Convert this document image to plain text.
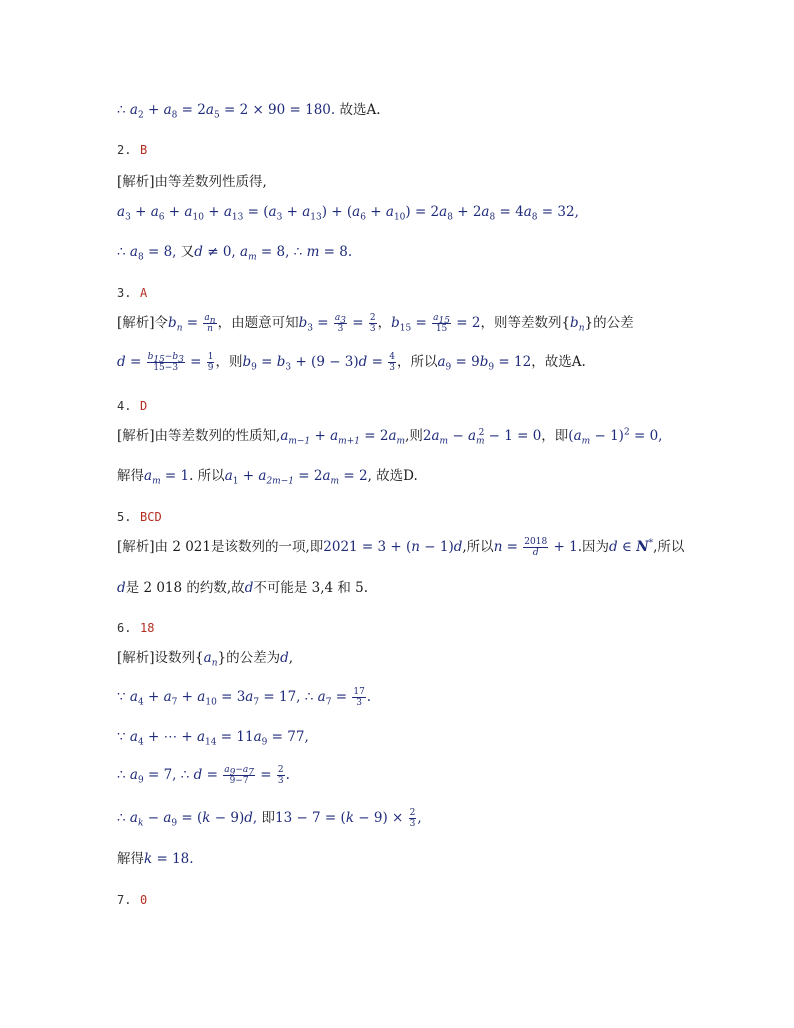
∴ $a_2 + a_8 = 2a_5 = 2 \times 90 = 180$. 故选A.
2. B
[解析]由等差数列性质得,
$a_3 + a_6 + a_{10} + a_{13} = (a_3 + a_{13}) + (a_6 + a_{10}) = 2a_8 + 2a_8 = 4a_8 = 32$,
∴ $a_8 = 8$, 又d ≠ 0, $a_m = 8$, ∴ m = 8.
3. A
[解析]令$b_n = \frac{a_n}{n}$ ，由题意可知$b_3 = \frac{a_3}{3} = \frac{2}{3}$ ，$b_{15} = \frac{a_{15}}{15} = 2$，则等差数列$\{b_n\}$的公差
$d = \frac{b_{15}-b_3}{15-3} = \frac{1}{9}$ ，则$b_9 = b_3 + (9 - 3)d = \frac{4}{3}$ ，所以$a_9 = 9b_9 = 12$，故选A.
4. D
[解析]由等差数列的性质知$,a_{m-1} + a_{m+1} = 2a_m$,则$2a_m - a_m^2 - 1 = 0$，即$(a_m - 1)^2 = 0$,
解得$a_m = 1$. 所以$a_1 + a_{2m-1} = 2a_m = 2$, 故选D.
5. BCD
[解析]由 2 021是该数列的一项,即2021 = 3 + (n − 1)d,所以$n = \frac{2018}{d} + 1$.因为d ∈ N*,所以
d是 2 018 的约数,故d不可能是 3,4 和 5.
6. 18
[解析]设数列$\{a_n\}$的公差为d,
∵ $a_4 + a_7 + a_{10} = 3a_7 = 17$, ∴ $a_7 = \frac{17}{3}$ .
∵ $a_4$ + ⋯ + $a_{14} = 11a_9 = 77$,
∴ $a_9 = 7$, ∴ $d = \frac{a_9-a_7}{9-7} = \frac{2}{3}$ .
∴ $a_k - a_9 = (k - 9)d$, 即$13 - 7 = (k - 9) \times \frac{2}{3}$ ,
解得k = 18.
7. 0
